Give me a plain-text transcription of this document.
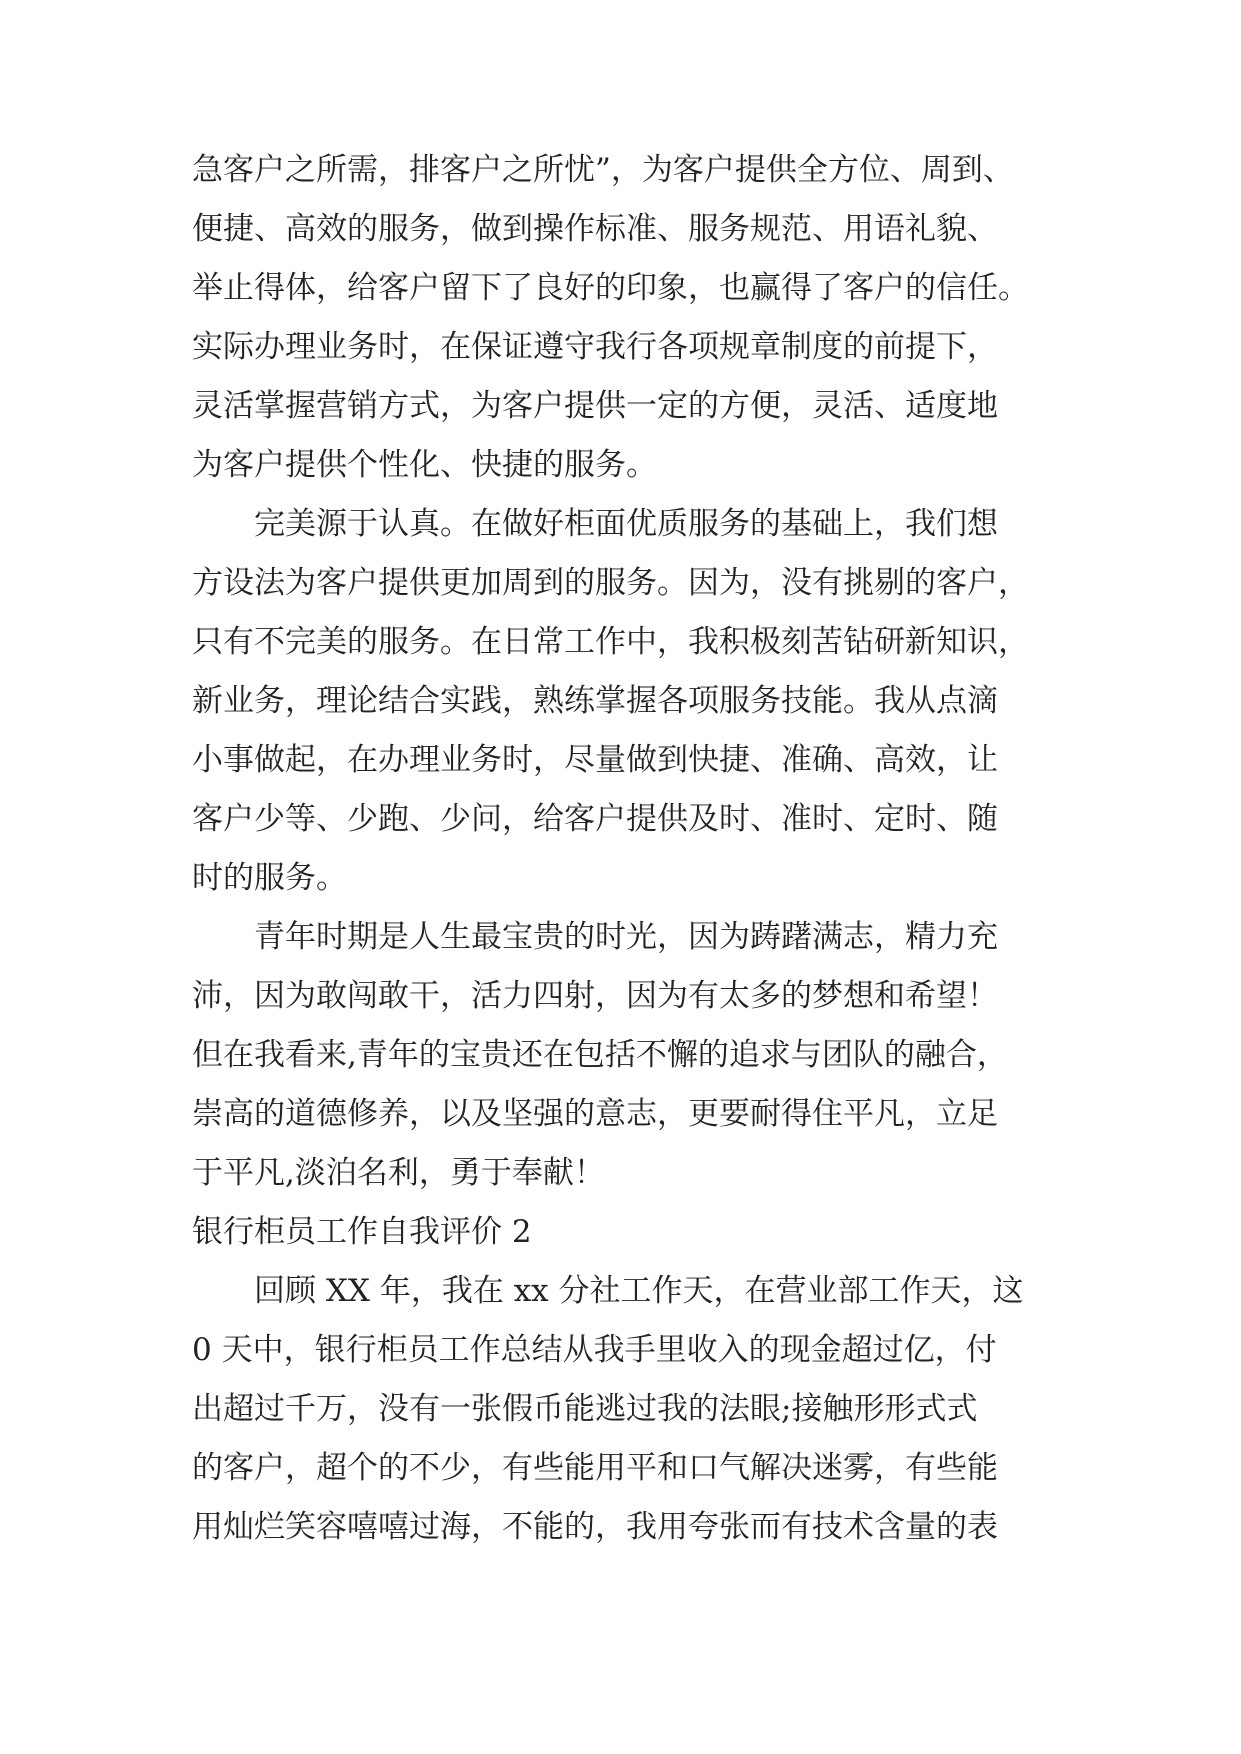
急客户之所需，排客户之所忧”，为客户提供全方位、周到、
便捷、高效的服务，做到操作标准、服务规范、用语礼貌、
举止得体，给客户留下了良好的印象，也赢得了客户的信任。
实际办理业务时，在保证遵守我行各项规章制度的前提下，
灵活掌握营销方式，为客户提供一定的方便，灵活、适度地
为客户提供个性化、快捷的服务。
　　完美源于认真。在做好柜面优质服务的基础上，我们想
方设法为客户提供更加周到的服务。因为，没有挑剔的客户，
只有不完美的服务。在日常工作中，我积极刻苦钻研新知识，
新业务，理论结合实践，熟练掌握各项服务技能。我从点滴
小事做起，在办理业务时，尽量做到快捷、准确、高效，让
客户少等、少跑、少问，给客户提供及时、准时、定时、随
时的服务。
　　青年时期是人生最宝贵的时光，因为踌躇满志，精力充
沛，因为敢闯敢干，活力四射，因为有太多的梦想和希望！
但在我看来,青年的宝贵还在包括不懈的追求与团队的融合，
崇高的道德修养，以及坚强的意志，更要耐得住平凡，立足
于平凡,淡泊名利，勇于奉献！
银行柜员工作自我评价 2
　　回顾 XX 年，我在 xx 分社工作天，在营业部工作天，这
0 天中，银行柜员工作总结从我手里收入的现金超过亿，付
出超过千万，没有一张假币能逃过我的法眼;接触形形式式
的客户，超个的不少，有些能用平和口气解决迷雾，有些能
用灿烂笑容嘻嘻过海，不能的，我用夸张而有技术含量的表
